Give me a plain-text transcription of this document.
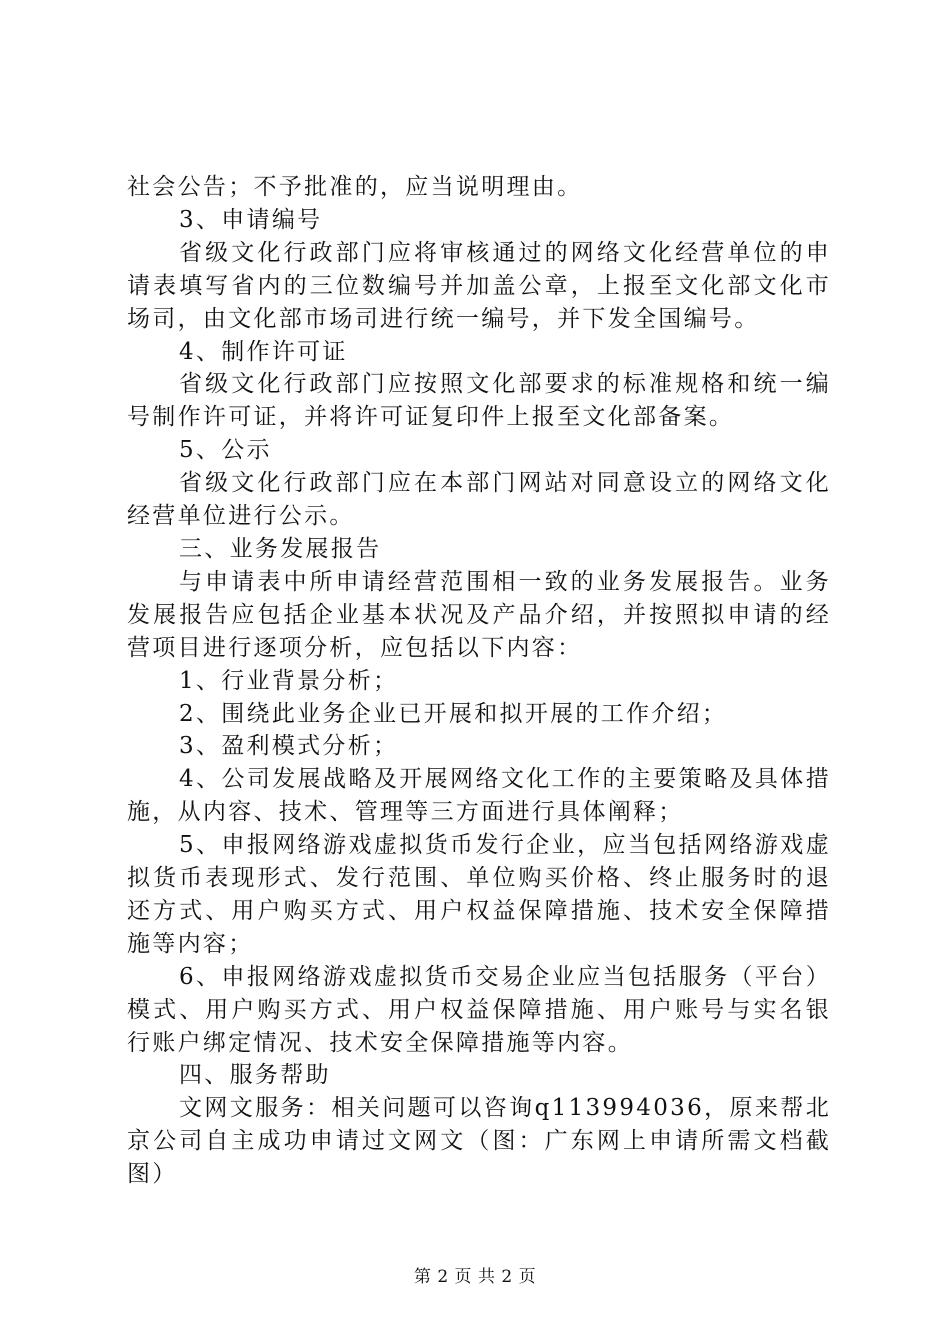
社会公告；不予批准的，应当说明理由。

3、申请编号

省级文化行政部门应将审核通过的网络文化经营单位的申请表填写省内的三位数编号并加盖公章，上报至文化部文化市场司，由文化部市场司进行统一编号，并下发全国编号。

4、制作许可证

省级文化行政部门应按照文化部要求的标准规格和统一编号制作许可证，并将许可证复印件上报至文化部备案。

5、公示

省级文化行政部门应在本部门网站对同意设立的网络文化经营单位进行公示。

三、业务发展报告

与申请表中所申请经营范围相一致的业务发展报告。业务发展报告应包括企业基本状况及产品介绍，并按照拟申请的经营项目进行逐项分析，应包括以下内容：

1、行业背景分析；

2、围绕此业务企业已开展和拟开展的工作介绍；

3、盈利模式分析；

4、公司发展战略及开展网络文化工作的主要策略及具体措施，从内容、技术、管理等三方面进行具体阐释；

5、申报网络游戏虚拟货币发行企业，应当包括网络游戏虚拟货币表现形式、发行范围、单位购买价格、终止服务时的退还方式、用户购买方式、用户权益保障措施、技术安全保障措施等内容；

6、申报网络游戏虚拟货币交易企业应当包括服务（平台）模式、用户购买方式、用户权益保障措施、用户账号与实名银行账户绑定情况、技术安全保障措施等内容。

四、服务帮助

文网文服务：相关问题可以咨询q113994036，原来帮北京公司自主成功申请过文网文（图：广东网上申请所需文档截图）

第 2 页 共 2 页
